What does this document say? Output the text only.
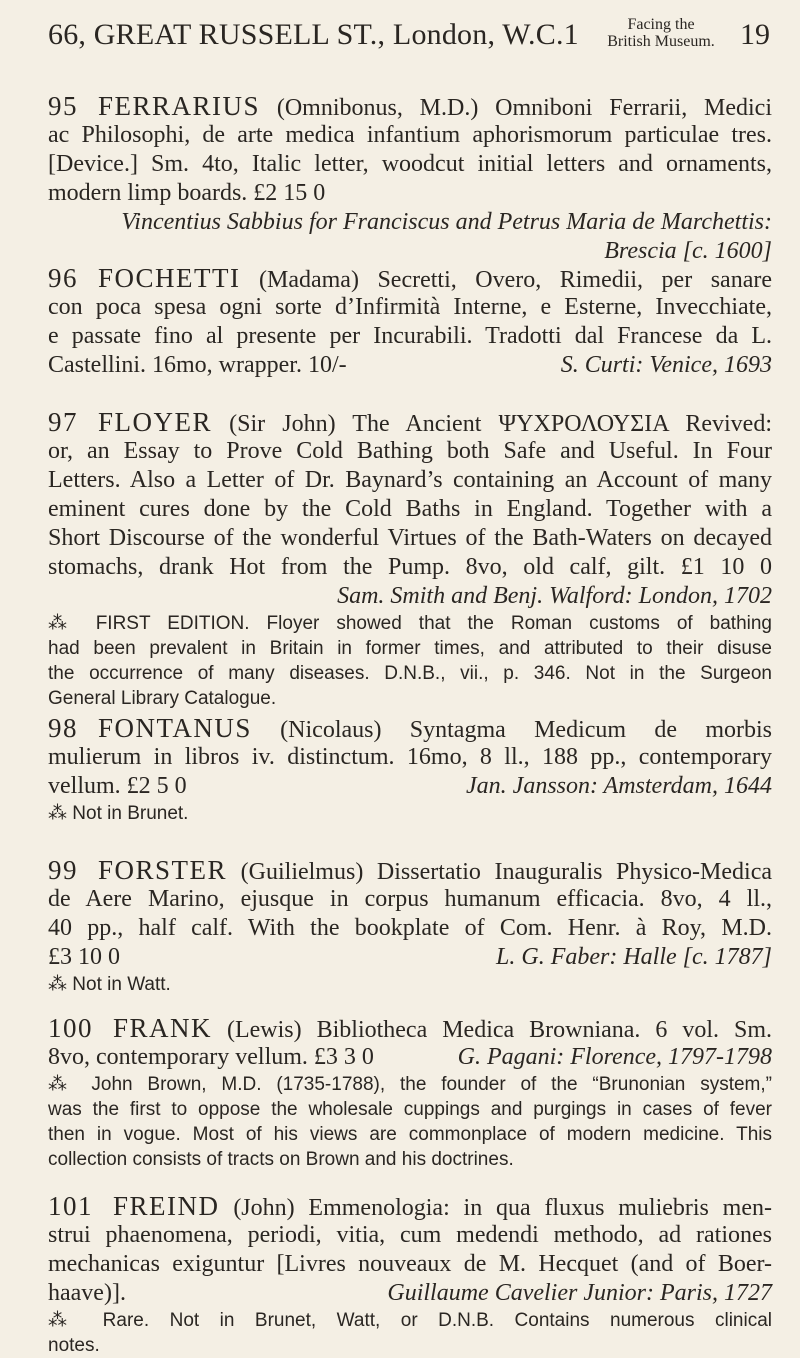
66, GREAT RUSSELL ST., London, W.C.1	Facing the
British Museum. 19
95 FERRARIUS (Omnibonus, M.D.) Omniboni Ferrarii, Medici
ac Philosophi, de arte medica infantium aphorismorum particulae tres.
[Device.] Sm. 4to, Italic letter, woodcut initial letters and ornaments,
modern limp boards. £2 15 0
Vincentius Sabbius for Franciscus and Petrus Maria de Marchettis:
Brescia [c. 1600]
96 FOCHETTI (Madama) Secretti, Overo, Rimedii, per sanare
con poca spesa ogni sorte d’Infirmità Interne, e Esterne, Invecchiate,
e passate fino al presente per Incurabili. Tradotti dal Francese da L.
Castellini. 16mo, wrapper. 10/-	S. Curti: Venice, 1693
97 FLOYER (Sir John) The Ancient ΨΥΧΡΟΛΟΥΣΙΑ Revived:
or, an Essay to Prove Cold Bathing both Safe and Useful. In Four
Letters. Also a Letter of Dr. Baynard’s containing an Account of many
eminent cures done by the Cold Baths in England. Together with a
Short Discourse of the wonderful Virtues of the Bath-Waters on decayed
stomachs, drank Hot from the Pump. 8vo, old calf, gilt. £1 10 0
Sam. Smith and Benj. Walford: London, 1702
⁂ FIRST EDITION. Floyer showed that the Roman customs of bathing
had been prevalent in Britain in former times, and attributed to their disuse
the occurrence of many diseases. D.N.B., vii., p. 346. Not in the Surgeon
General Library Catalogue.
98 FONTANUS (Nicolaus) Syntagma Medicum de morbis
mulierum in libros iv. distinctum. 16mo, 8 ll., 188 pp., contemporary
vellum. £2 5 0	Jan. Jansson: Amsterdam, 1644
⁂ Not in Brunet.
99 FORSTER (Guilielmus) Dissertatio Inauguralis Physico-Medica
de Aere Marino, ejusque in corpus humanum efficacia. 8vo, 4 ll.,
40 pp., half calf. With the bookplate of Com. Henr. à Roy, M.D.
£3 10 0	L. G. Faber: Halle [c. 1787]
⁂ Not in Watt.
100 FRANK (Lewis) Bibliotheca Medica Browniana. 6 vol. Sm.
8vo, contemporary vellum. £3 3 0	G. Pagani: Florence, 1797-1798
⁂ John Brown, M.D. (1735-1788), the founder of the “Brunonian system,”
was the first to oppose the wholesale cuppings and purgings in cases of fever
then in vogue. Most of his views are commonplace of modern medicine. This
collection consists of tracts on Brown and his doctrines.
101 FREIND (John) Emmenologia: in qua fluxus muliebris men-
strui phaenomena, periodi, vitia, cum medendi methodo, ad rationes
mechanicas exiguntur [Livres nouveaux de M. Hecquet (and of Boer-
haave)].	Guillaume Cavelier Junior: Paris, 1727
⁂ Rare. Not in Brunet, Watt, or D.N.B. Contains numerous clinical
notes.
